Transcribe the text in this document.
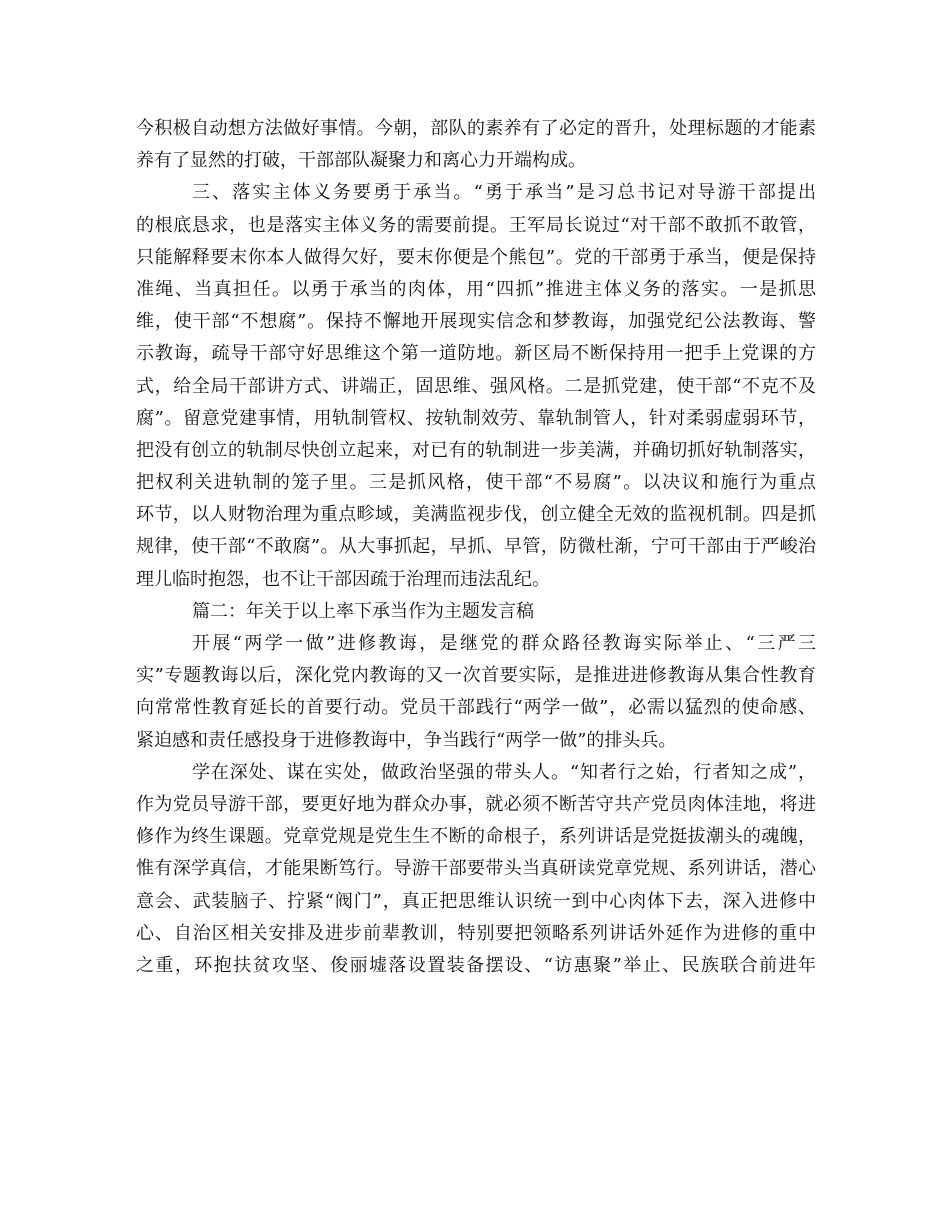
今积极自动想方法做好事情。今朝，部队的素养有了必定的晋升，处理标题的才能素
养有了显然的打破，干部部队凝聚力和离心力开端构成。
三、落实主体义务要勇于承当。“勇于承当”是习总书记对导游干部提出
的根底恳求，也是落实主体义务的需要前提。王军局长说过“对干部不敢抓不敢管，
只能解释要末你本人做得欠好，要末你便是个熊包”。党的干部勇于承当，便是保持
准绳、当真担任。以勇于承当的肉体，用“四抓”推进主体义务的落实。一是抓思
维，使干部“不想腐”。保持不懈地开展现实信念和梦教诲，加强党纪公法教诲、警
示教诲，疏导干部守好思维这个第一道防地。新区局不断保持用一把手上党课的方
式，给全局干部讲方式、讲端正，固思维、强风格。二是抓党建，使干部“不克不及
腐”。留意党建事情，用轨制管权、按轨制效劳、靠轨制管人，针对柔弱虚弱环节，
把没有创立的轨制尽快创立起来，对已有的轨制进一步美满，并确切抓好轨制落实，
把权利关进轨制的笼子里。三是抓风格，使干部“不易腐”。以决议和施行为重点
环节，以人财物治理为重点畛域，美满监视步伐，创立健全无效的监视机制。四是抓
规律，使干部“不敢腐”。从大事抓起，早抓、早管，防微杜渐，宁可干部由于严峻治
理儿临时抱怨，也不让干部因疏于治理而违法乱纪。
篇二：年关于以上率下承当作为主题发言稿
开展“两学一做”进修教诲，是继党的群众路径教诲实际举止、“三严三
实”专题教诲以后，深化党内教诲的又一次首要实际，是推进进修教诲从集合性教育
向常常性教育延长的首要行动。党员干部践行“两学一做”，必需以猛烈的使命感、
紧迫感和责任感投身于进修教诲中，争当践行“两学一做”的排头兵。
学在深处、谋在实处，做政治坚强的带头人。“知者行之始，行者知之成”，
作为党员导游干部，要更好地为群众办事，就必须不断苦守共产党员肉体洼地，将进
修作为终生课题。党章党规是党生生不断的命根子，系列讲话是党挺拔潮头的魂魄，
惟有深学真信，才能果断笃行。导游干部要带头当真研读党章党规、系列讲话，潜心
意会、武装脑子、拧紧“阀门”，真正把思维认识统一到中心肉体下去，深入进修中
心、自治区相关安排及进步前辈教训，特别要把领略系列讲话外延作为进修的重中
之重，环抱扶贫攻坚、俊丽墟落设置装备摆设、“访惠聚”举止、民族联合前进年
